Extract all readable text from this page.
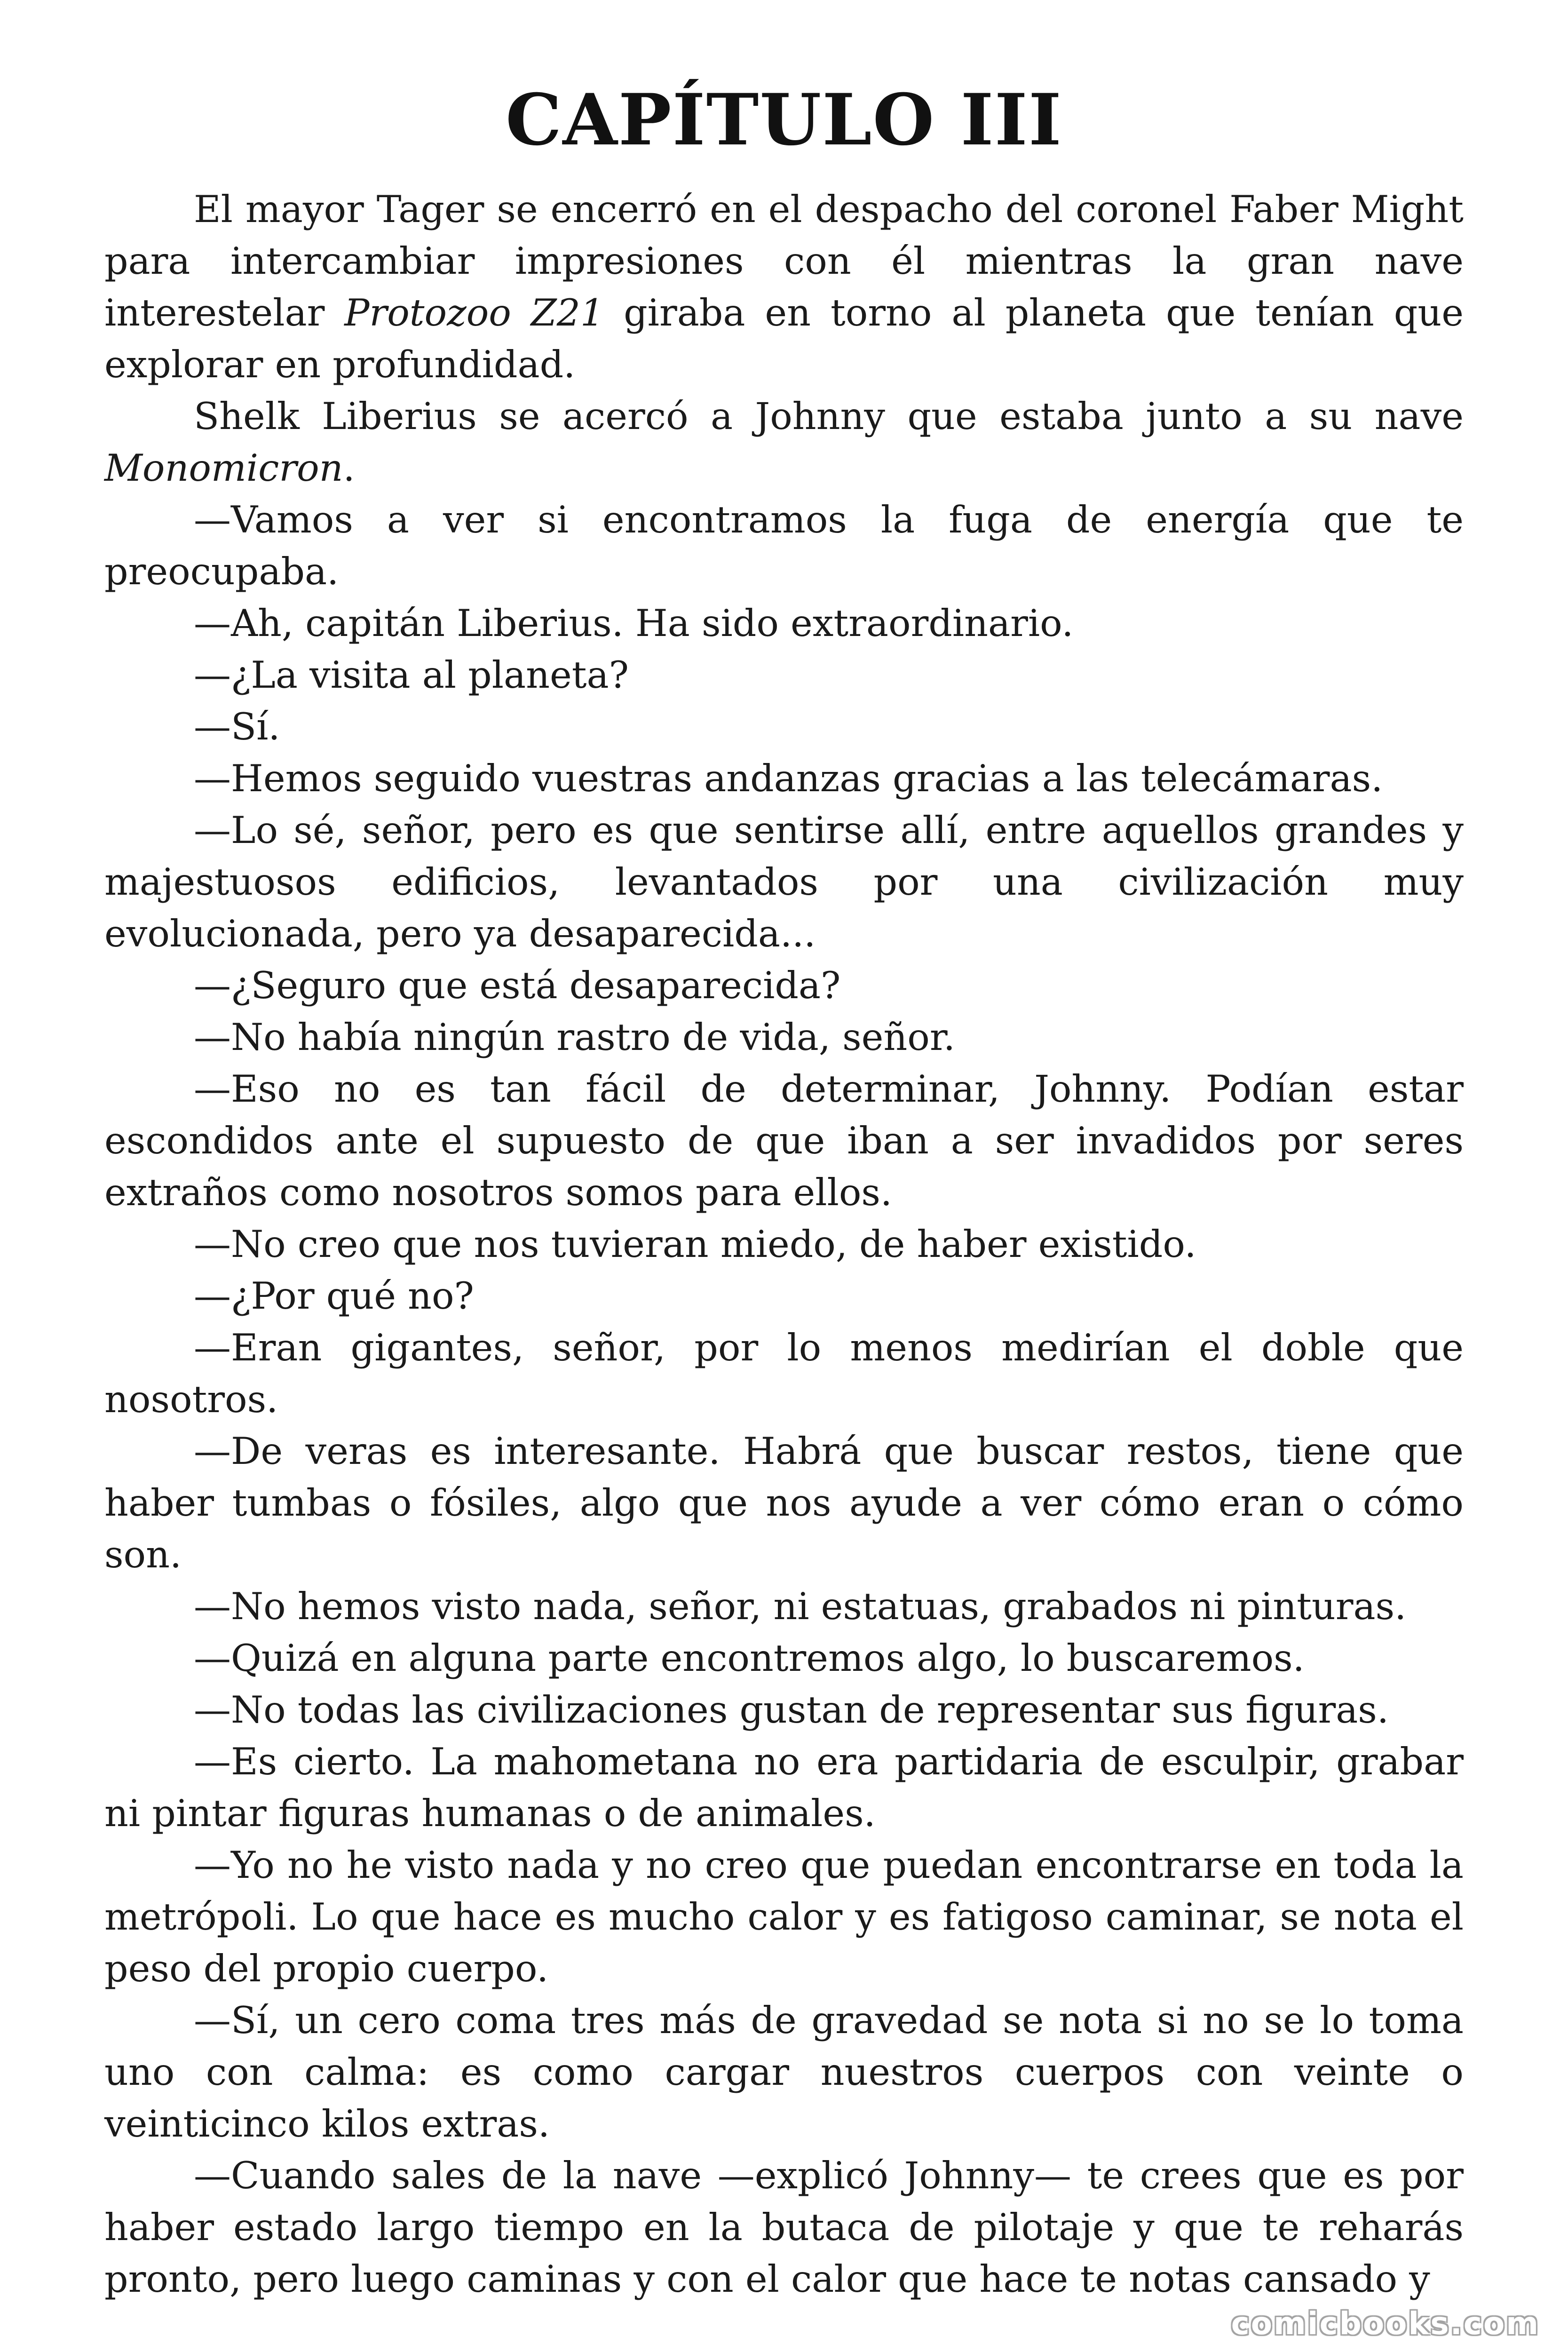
CAPÍTULO III

El mayor Tager se encerró en el despacho del coronel Faber Might para intercambiar impresiones con él mientras la gran nave interestelar Protozoo Z21 giraba en torno al planeta que tenían que explorar en profundidad.

Shelk Liberius se acercó a Johnny que estaba junto a su nave Monomicron.

—Vamos a ver si encontramos la fuga de energía que te preocupaba.

—Ah, capitán Liberius. Ha sido extraordinario.

—¿La visita al planeta?

—Sí.

—Hemos seguido vuestras andanzas gracias a las telecámaras.

—Lo sé, señor, pero es que sentirse allí, entre aquellos grandes y majestuosos edificios, levantados por una civilización muy evolucionada, pero ya desaparecida...

—¿Seguro que está desaparecida?

—No había ningún rastro de vida, señor.

—Eso no es tan fácil de determinar, Johnny. Podían estar escondidos ante el supuesto de que iban a ser invadidos por seres extraños como nosotros somos para ellos.

—No creo que nos tuvieran miedo, de haber existido.

—¿Por qué no?

—Eran gigantes, señor, por lo menos medirían el doble que nosotros.

—De veras es interesante. Habrá que buscar restos, tiene que haber tumbas o fósiles, algo que nos ayude a ver cómo eran o cómo son.

—No hemos visto nada, señor, ni estatuas, grabados ni pinturas.

—Quizá en alguna parte encontremos algo, lo buscaremos.

—No todas las civilizaciones gustan de representar sus figuras.

—Es cierto. La mahometana no era partidaria de esculpir, grabar ni pintar figuras humanas o de animales.

—Yo no he visto nada y no creo que puedan encontrarse en toda la metrópoli. Lo que hace es mucho calor y es fatigoso caminar, se nota el peso del propio cuerpo.

—Sí, un cero coma tres más de gravedad se nota si no se lo toma uno con calma: es como cargar nuestros cuerpos con veinte o veinticinco kilos extras.

—Cuando sales de la nave —explicó Johnny— te crees que es por haber estado largo tiempo en la butaca de pilotaje y que te reharás pronto, pero luego caminas y con el calor que hace te notas cansado y

comicbooks.com
